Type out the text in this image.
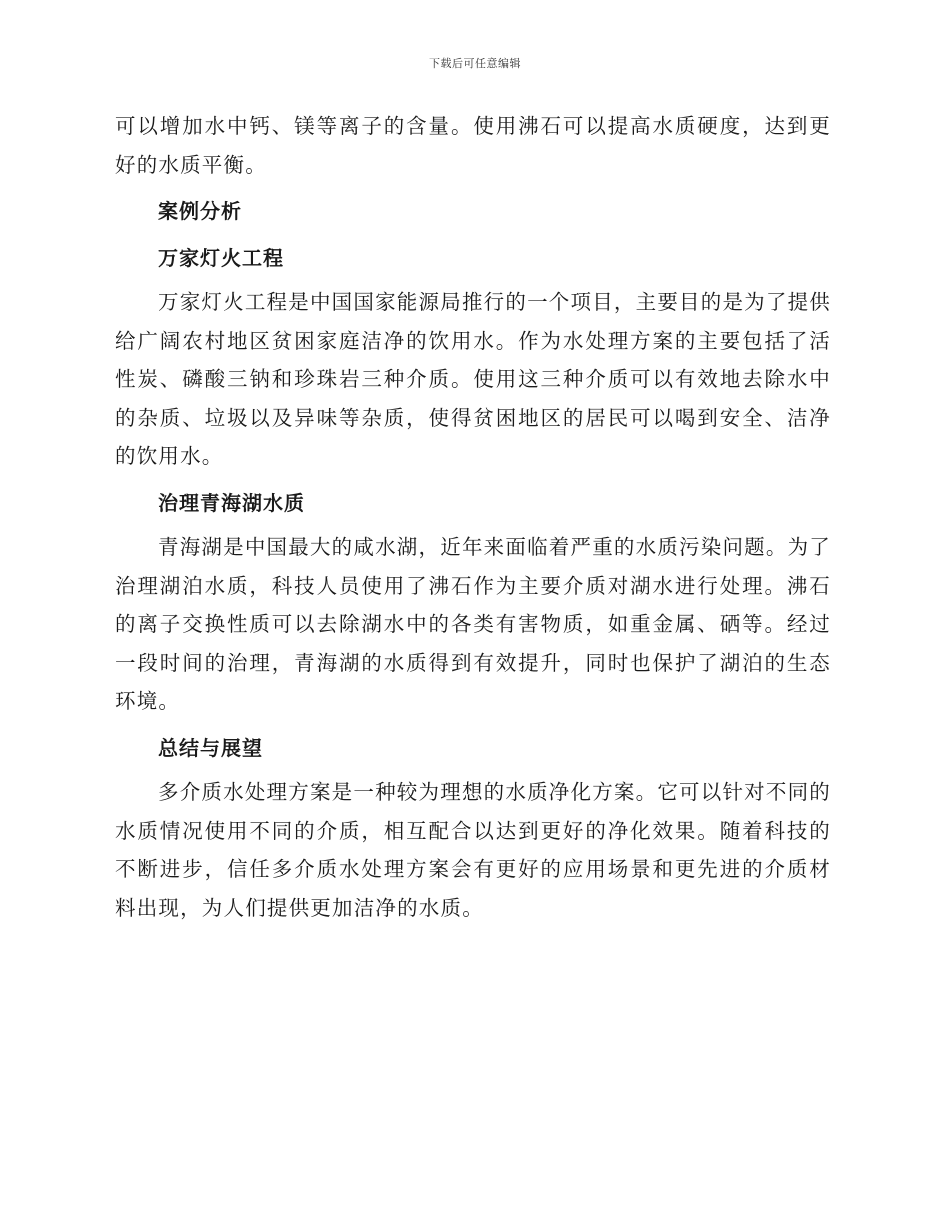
下载后可任意编辑

可以增加水中钙、镁等离子的含量。使用沸石可以提高水质硬度，达到更好的水质平衡。

案例分析
万家灯火工程

万家灯火工程是中国国家能源局推行的一个项目，主要目的是为了提供给广阔农村地区贫困家庭洁净的饮用水。作为水处理方案的主要包括了活性炭、磷酸三钠和珍珠岩三种介质。使用这三种介质可以有效地去除水中的杂质、垃圾以及异味等杂质，使得贫困地区的居民可以喝到安全、洁净的饮用水。

治理青海湖水质

青海湖是中国最大的咸水湖，近年来面临着严重的水质污染问题。为了治理湖泊水质，科技人员使用了沸石作为主要介质对湖水进行处理。沸石的离子交换性质可以去除湖水中的各类有害物质，如重金属、硒等。经过一段时间的治理，青海湖的水质得到有效提升，同时也保护了湖泊的生态环境。

总结与展望

多介质水处理方案是一种较为理想的水质净化方案。它可以针对不同的水质情况使用不同的介质，相互配合以达到更好的净化效果。随着科技的不断进步，信任多介质水处理方案会有更好的应用场景和更先进的介质材料出现，为人们提供更加洁净的水质。
